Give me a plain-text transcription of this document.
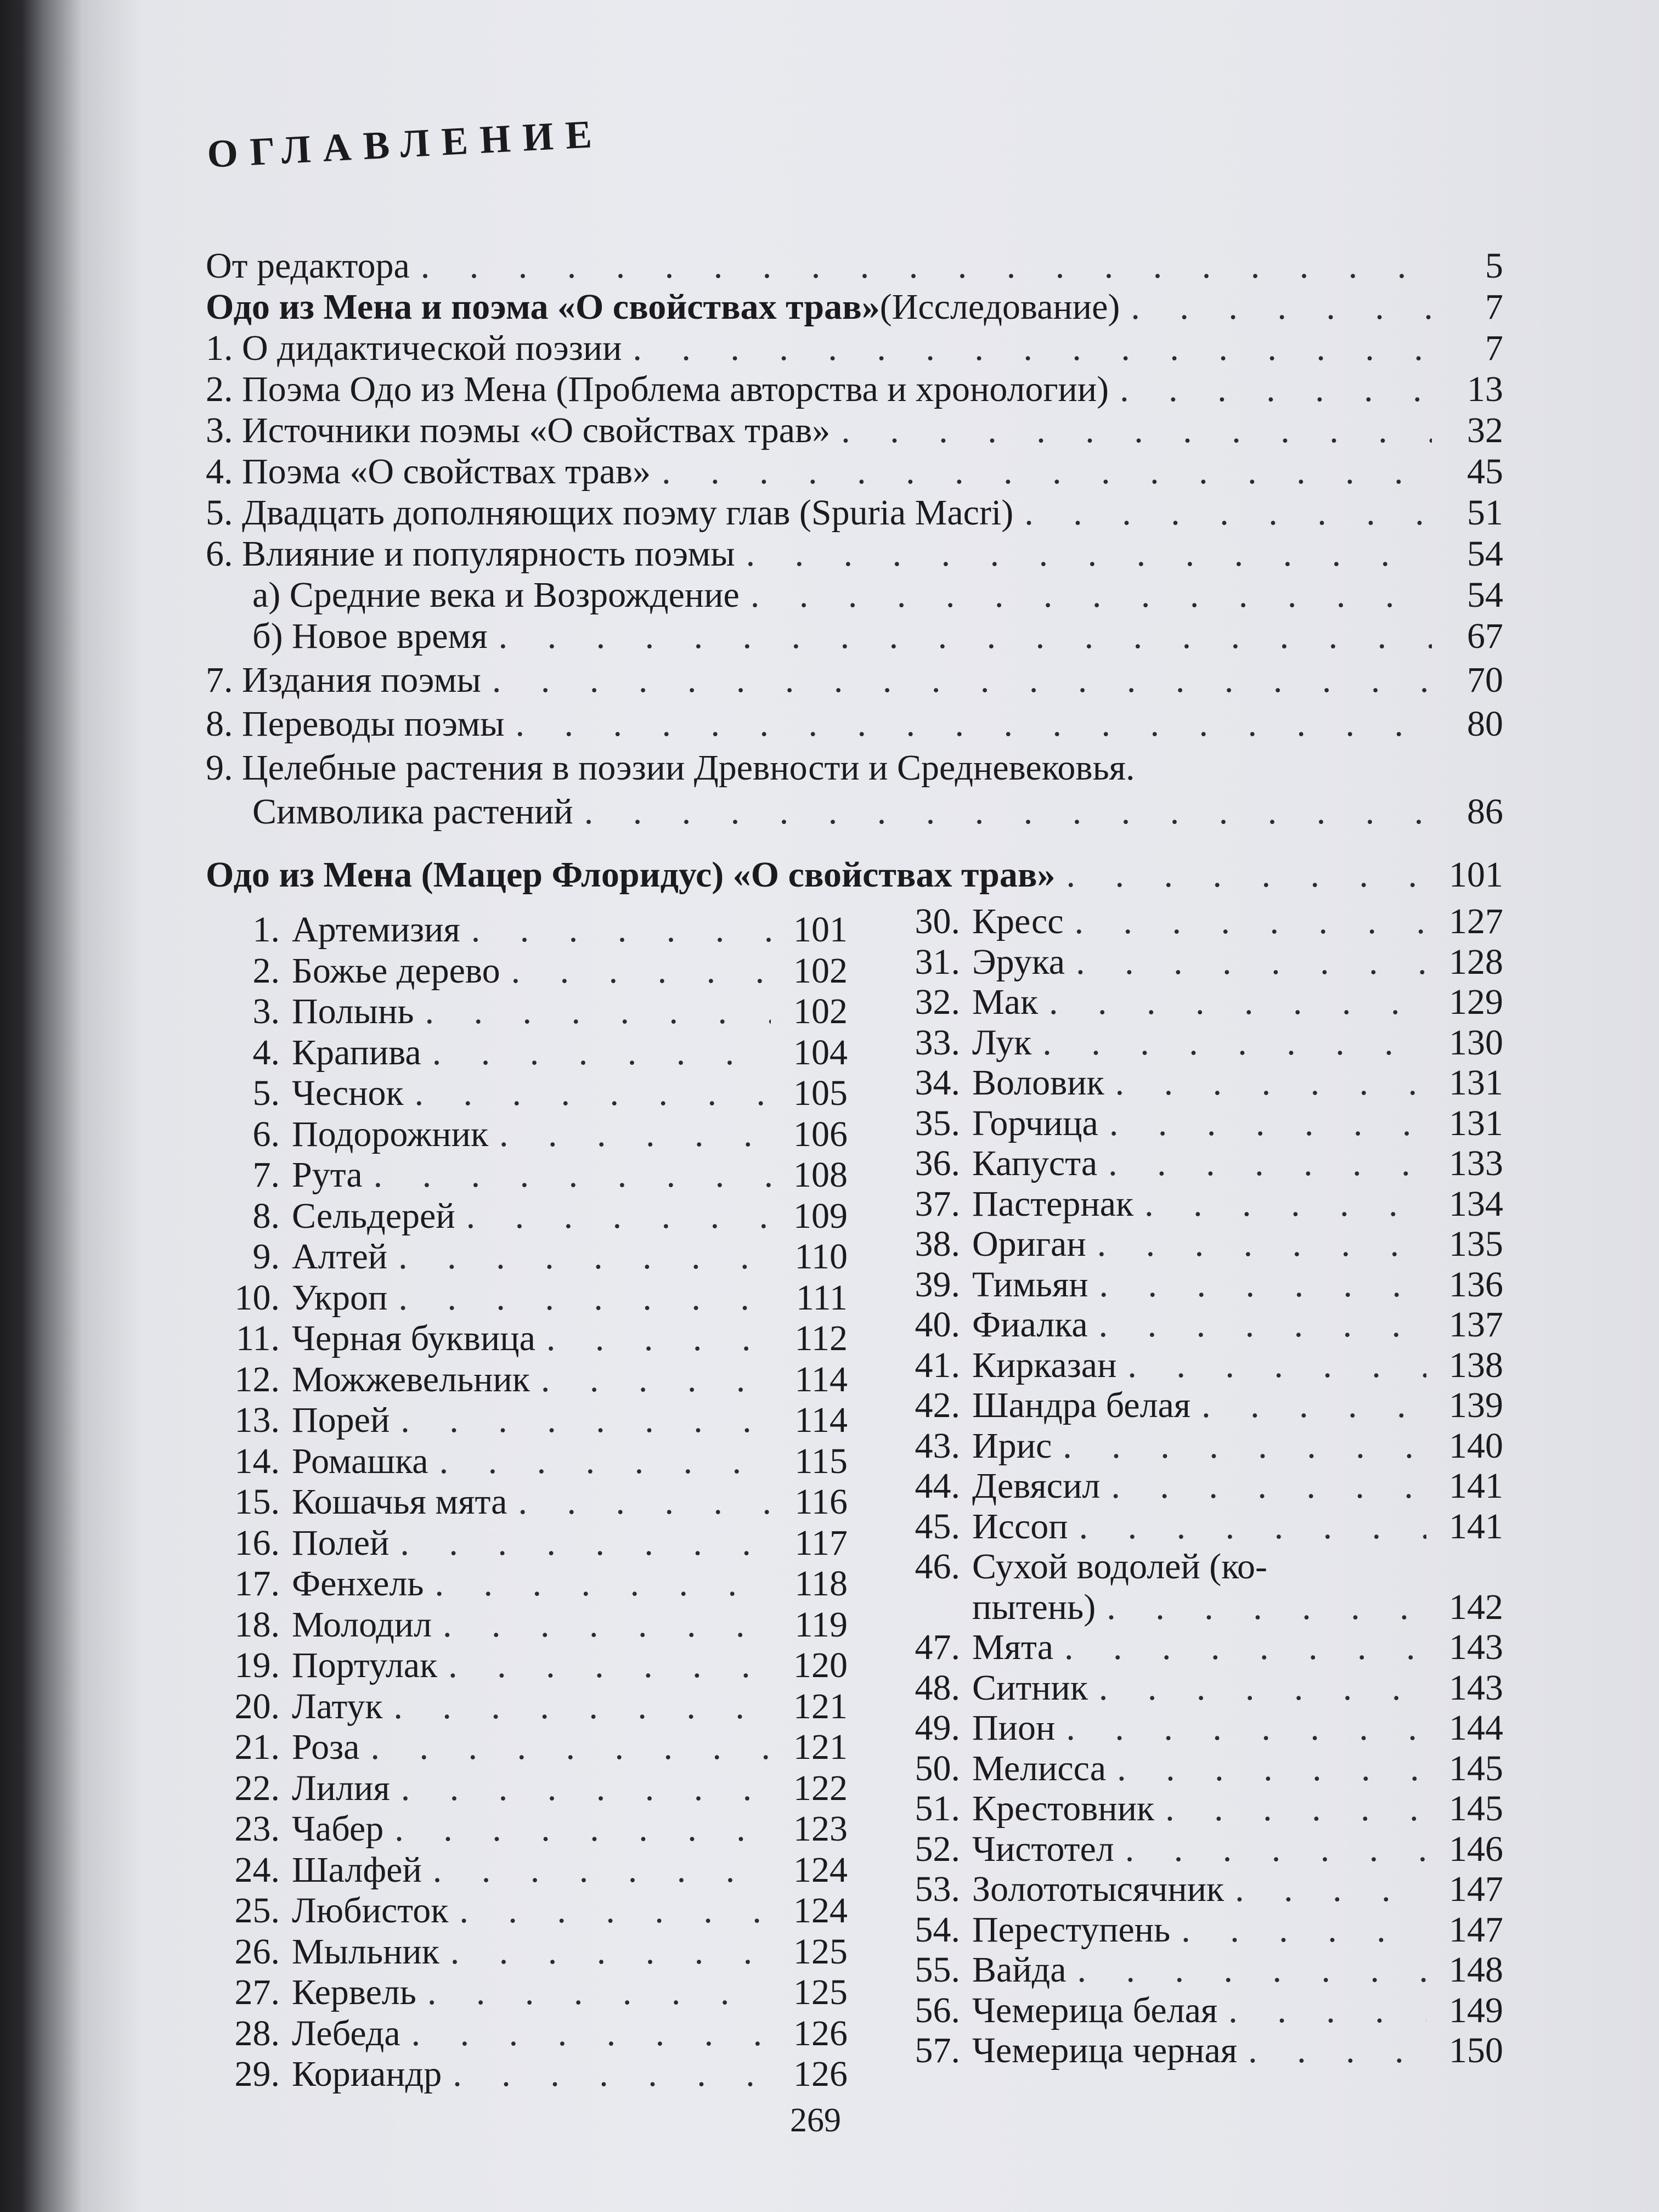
ОГЛАВЛЕНИЕ
От редактора . . .	5
Одо из Мена и поэма «О свойствах трав» (Исследование) . . .	7
1. О дидактической поэзии . . .	7
2. Поэма Одо из Мена (Проблема авторства и хронологии) . . .	13
3. Источники поэмы «О свойствах трав» . . .	32
4. Поэма «О свойствах трав» . . .	45
5. Двадцать дополняющих поэму глав (Spuria Macri) . . .	51
6. Влияние и популярность поэмы . . .	54
а) Средние века и Возрождение . . .	54
б) Новое время . . .	67
7. Издания поэмы . . .	70
8. Переводы поэмы . . .	80
9. Целебные растения в поэзии Древности и Средневековья.
Символика растений . . .	86
Одо из Мена (Мацер Флоридус) «О свойствах трав» . . .	101
1. Артемизия . . .	101
2. Божье дерево . . .	102
3. Полынь . . .	102
4. Крапива . . .	104
5. Чеснок . . .	105
6. Подорожник . . .	106
7. Рута . . .	108
8. Сельдерей . . .	109
9. Алтей . . .	110
10. Укроп . . .	111
11. Черная буквица . . .	112
12. Можжевельник . . .	114
13. Порей . . .	114
14. Ромашка . . .	115
15. Кошачья мята . . .	116
16. Полей . . .	117
17. Фенхель . . .	118
18. Молодил . . .	119
19. Портулак . . .	120
20. Латук . . .	121
21. Роза . . .	121
22. Лилия . . .	122
23. Чабер . . .	123
24. Шалфей . . .	124
25. Любисток . . .	124
26. Мыльник . . .	125
27. Кервель . . .	125
28. Лебеда . . .	126
29. Кориандр . . .	126
30. Кресс . . .	127
31. Эрука . . .	128
32. Мак . . .	129
33. Лук . . .	130
34. Воловик . . .	131
35. Горчица . . .	131
36. Капуста . . .	133
37. Пастернак . . .	134
38. Ориган . . .	135
39. Тимьян . . .	136
40. Фиалка . . .	137
41. Кирказан . . .	138
42. Шандра белая . . .	139
43. Ирис . . .	140
44. Девясил . . .	141
45. Иссоп . . .	141
46. Сухой водолей (ко-
пытень) . . .	142
47. Мята . . .	143
48. Ситник . . .	143
49. Пион . . .	144
50. Мелисса . . .	145
51. Крестовник . . .	145
52. Чистотел . . .	146
53. Золототысячник . . .	147
54. Переступень . . .	147
55. Вайда . . .	148
56. Чемерица белая . . .	149
57. Чемерица черная . . .	150
269
